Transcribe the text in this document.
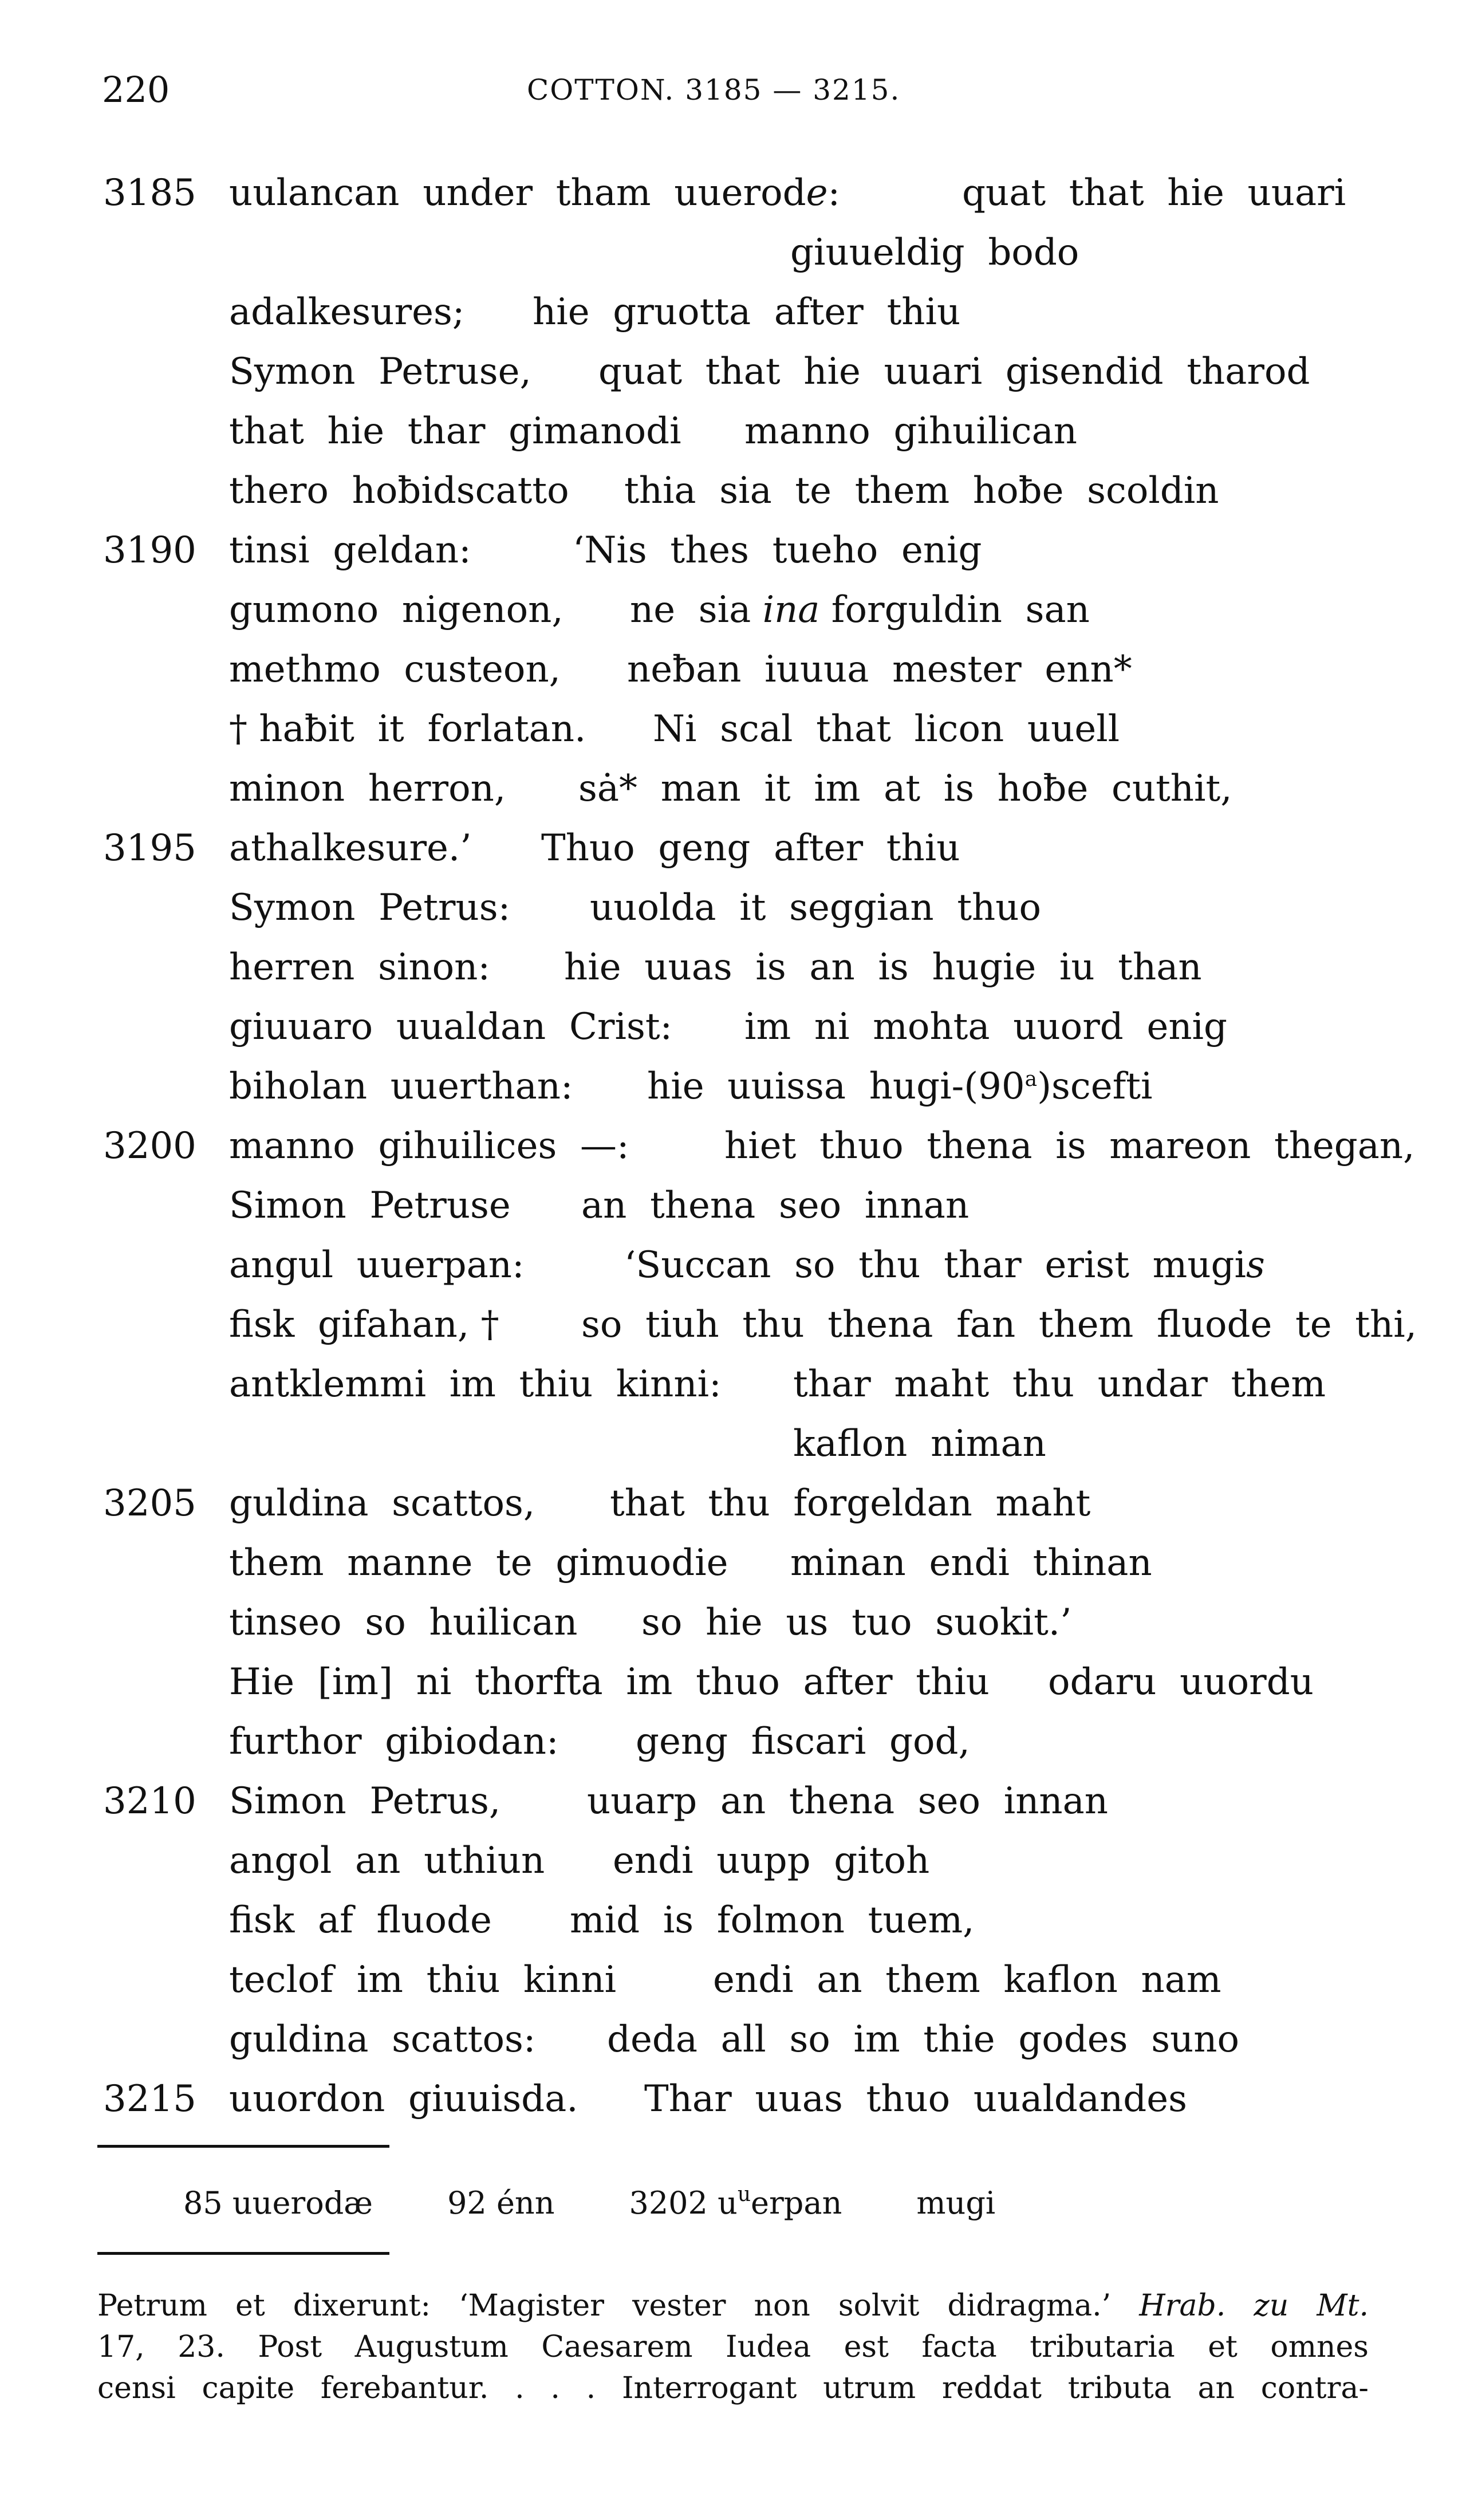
220	COTTON. 3185 — 3215.
3185 uulancan  under  tham  uuerode:	quat  that  hie  uuari
giuueldig  bodo
adalkesures; hie  gruotta  after  thiu
Symon  Petruse, quat  that  hie  uuari  gisendid  tharod
that  hie  thar  gimanodi manno  gihuilican
thero  hoƀidscatto thia  sia  te  them  hoƀe  scoldin
3190 tinsi  geldan:	‘Nis  thes  tueho  enig
gumono  nigenon, ne  sia ina forguldin  san
methmo  custeon, neƀan  iuuua  mester  enn*
† haƀit  it  forlatan. Ni  scal  that  licon  uuell
minon  herron, sȧ*  man  it  im  at  is  hoƀe  cuthit,
3195 athalkesure.’ Thuo  geng  after  thiu
Symon  Petrus: uuolda  it  seggian  thuo
herren  sinon: hie  uuas  is  an  is  hugie  iu  than
giuuaro  uualdan  Crist: im  ni  mohta  uuord  enig
biholan  uuerthan: hie  uuissa  hugi-(90$^a$)scefti
3200 manno  gihuilices  —:	hiet  thuo  thena  is  mareon  thegan,
Simon  Petruse an  thena  seo  innan
angul  uuerpan:	‘Succan  so  thu  thar  erist  mugis
fisk  gifahan, † so  tiuh  thu  thena  fan  them  fluode  te  thi,
antklemmi  im  thiu  kinni: thar  maht  thu  undar  them
kaflon  niman
3205 guldina  scattos, that  thu  forgeldan  maht
them  manne  te  gimuodie minan  endi  thinan
tinseo  so  huilican so  hie  us  tuo  suokit.’
Hie  [im]  ni  thorfta  im  thuo  after  thiu odaru  uuordu
furthor  gibiodan: geng  fiscari  god,
3210 Simon  Petrus, uuarp  an  thena  seo  innan
angol  an  uthiun endi  uupp  gitoh
fisk  af  fluode mid  is  folmon  tuem,
teclof  im  thiu  kinni	endi  an  them  kaflon  nam
guldina  scattos: deda  all  so  im  thie  godes  suno
3215 uuordon  giuuisda. Thar  uuas  thuo  uualdandes
85 uuerodæ 92 énn 3202 $u^uerpan$ mugi
Petrum et dixerunt: ‘Magister vester non solvit didragma.’ Hrab. zu Mt.
17, 23. Post Augustum Caesarem Iudea est facta tributaria et omnes
censi capite ferebantur. . . . Interrogant utrum reddat tributa an contra-
